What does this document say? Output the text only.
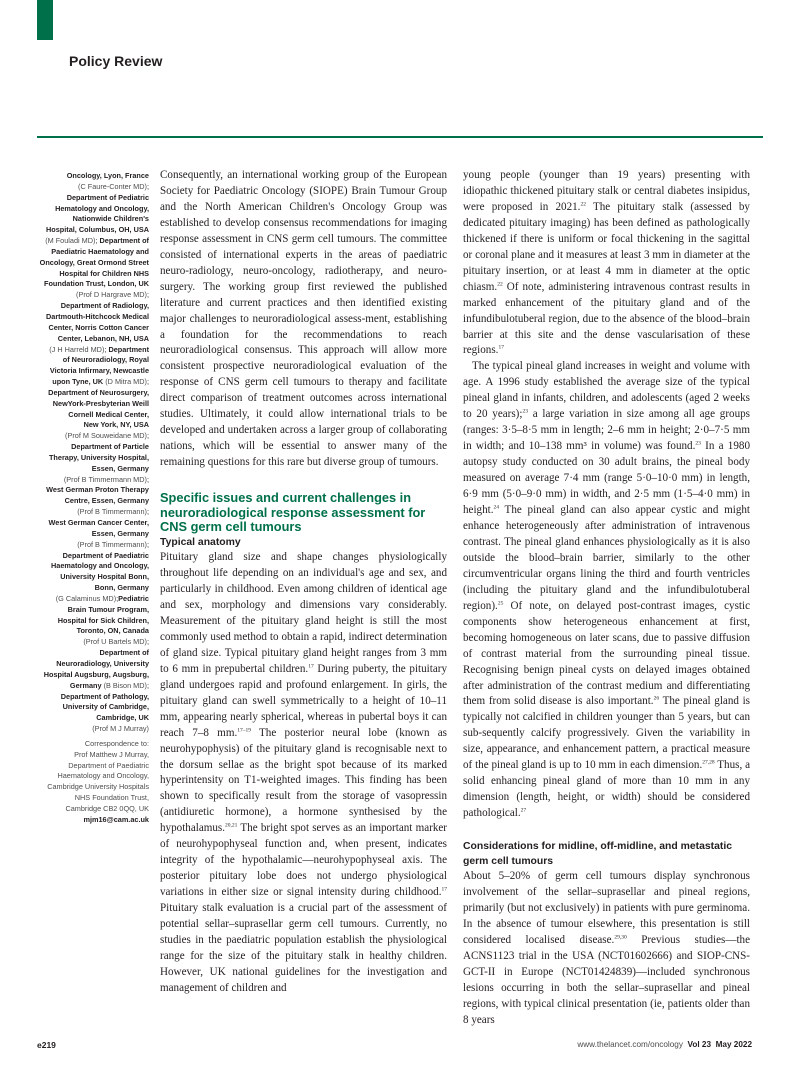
Policy Review
Oncology, Lyon, France
(C Faure-Conter MD);
Department of Pediatric
Hematology and Oncology,
Nationwide Children's
Hospital, Columbus, OH, USA
(M Fouladi MD); Department of
Paediatric Haematology and
Oncology, Great Ormond Street
Hospital for Children NHS
Foundation Trust, London, UK
(Prof D Hargrave MD);
Department of Radiology,
Dartmouth-Hitchcock Medical
Center, Norris Cotton Cancer
Center, Lebanon, NH, USA
(J H Harreld MD); Department
of Neuroradiology, Royal
Victoria Infirmary, Newcastle
upon Tyne, UK (D Mitra MD);
Department of Neurosurgery,
NewYork-Presbyterian Weill
Cornell Medical Center,
New York, NY, USA
(Prof M Souweidane MD);
Department of Particle
Therapy, University Hospital,
Essen, Germany
(Prof B Timmermann MD);
West German Proton Therapy
Centre, Essen, Germany
(Prof B Timmermann);
West German Cancer Center,
Essen, Germany
(Prof B Timmermann);
Department of Paediatric
Haematology and Oncology,
University Hospital Bonn,
Bonn, Germany
(G Calaminus MD);Pediatric
Brain Tumour Program,
Hospital for Sick Children,
Toronto, ON, Canada
(Prof U Bartels MD);
Department of
Neuroradiology, University
Hospital Augsburg, Augsburg,
Germany (B Bison MD);
Department of Pathology,
University of Cambridge,
Cambridge, UK
(Prof M J Murray)
Correspondence to:
Prof Matthew J Murray,
Department of Paediatric
Haematology and Oncology,
Cambridge University Hospitals
NHS Foundation Trust,
Cambridge CB2 0QQ, UK
mjm16@cam.ac.uk

Consequently, an international working group of the European Society for Paediatric Oncology (SIOPE) Brain Tumour Group and the North American Children's Oncology Group was established to develop consensus recommendations for imaging response assessment in CNS germ cell tumours. The committee consisted of international experts in the areas of paediatric neuro-radiology, neuro-oncology, radiotherapy, and neuro-surgery. The working group first reviewed the published literature and current practices and then identified existing major challenges to neuroradiological assess-ment, establishing a foundation for the recommendations to reach neuroradiological consensus. This approach will allow more consistent prospective neuroradiological evaluation of the response of CNS germ cell tumours to therapy and facilitate direct comparison of treatment outcomes across international studies. Ultimately, it could allow international trials to be developed and undertaken across a larger group of collaborating nations, which will be essential to answer many of the remaining questions for this rare but diverse group of tumours.

Specific issues and current challenges in neuroradiological response assessment for CNS germ cell tumours
Typical anatomy

Pituitary gland size and shape changes physiologically throughout life depending on an individual's age and sex, and particularly in childhood. Even among children of identical age and sex, morphology and dimensions vary considerably. Measurement of the pituitary gland height is still the most commonly used method to obtain a rapid, indirect determination of gland size. Typical pituitary gland height ranges from 3 mm to 6 mm in prepubertal children.$^{17}$ During puberty, the pituitary gland undergoes rapid and profound enlargement. In girls, the pituitary gland can swell symmetrically to a height of 10–11 mm, appearing nearly spherical, whereas in pubertal boys it can reach 7–8 mm.$^{17-19}$ The posterior neural lobe (known as neurohypophysis) of the pituitary gland is recognisable next to the dorsum sellae as the bright spot because of its marked hyperintensity on T1-weighted images. This finding has been shown to specifically result from the storage of vasopressin (antidiuretic hormone), a hormone synthesised by the hypothalamus.$^{20,21}$ The bright spot serves as an important marker of neurohypophyseal function and, when present, indicates integrity of the hypothalamic—neurohypophyseal axis. The posterior pituitary lobe does not undergo physiological variations in either size or signal intensity during childhood.$^{17}$ Pituitary stalk evaluation is a crucial part of the assessment of potential sellar–suprasellar germ cell tumours. Currently, no studies in the paediatric population establish the physiological range for the size of the pituitary stalk in healthy children. However, UK national guidelines for the investigation and management of children and

young people (younger than 19 years) presenting with idiopathic thickened pituitary stalk or central diabetes insipidus, were proposed in 2021.22 The pituitary stalk (assessed by dedicated pituitary imaging) has been defined as pathologically thickened if there is uniform or focal thickening in the sagittal or coronal plane and it measures at least 3 mm in diameter at the pituitary insertion, or at least 4 mm in diameter at the optic chiasm.$^{22}$ Of note, administering intravenous contrast results in marked enhancement of the pituitary gland and of the infundibulotuberal region, due to the absence of the blood–brain barrier at this site and the dense vascularisation of these regions.$^{17}$

The typical pineal gland increases in weight and volume with age. A 1996 study established the average size of the typical pineal gland in infants, children, and adolescents (aged 2 weeks to 20 years);$^{23}$ a large variation in size among all age groups (ranges: 3·5–8·5 mm in length; 2–6 mm in height; 2·0–7·5 mm in width; and 10–138 mm³ in volume) was found.$^{23}$ In a 1980 autopsy study conducted on 30 adult brains, the pineal body measured on average 7·4 mm (range 5·0–10·0 mm) in length, 6·9 mm (5·0–9·0 mm) in width, and 2·5 mm (1·5–4·0 mm) in height.$^{24}$ The pineal gland can also appear cystic and might enhance heterogeneously after administration of intravenous contrast. The pineal gland enhances physiologically as it is also outside the blood–brain barrier, similarly to the other circumventricular organs lining the third and fourth ventricles (including the pituitary gland and the infundibulotuberal region).$^{25}$ Of note, on delayed post-contrast images, cystic components show heterogeneous enhancement at first, becoming homogeneous on later scans, due to passive diffusion of contrast material from the surrounding pineal tissue. Recognising benign pineal cysts on delayed images obtained after administration of the contrast medium and differentiating them from solid disease is also important.$^{26}$ The pineal gland is typically not calcified in children younger than 5 years, but can sub-sequently calcify progressively. Given the variability in size, appearance, and enhancement pattern, a practical measure of the pineal gland is up to 10 mm in each dimension.$^{27,28}$ Thus, a solid enhancing pineal gland of more than 10 mm in any dimension (length, height, or width) should be considered pathological.$^{27}$

Considerations for midline, off-midline, and metastatic germ cell tumours

About 5–20% of germ cell tumours display synchronous involvement of the sellar–suprasellar and pineal regions, primarily (but not exclusively) in patients with pure germinoma. In the absence of tumour elsewhere, this presentation is still considered localised disease.$^{29,30}$ Previous studies—the ACNS1123 trial in the USA (NCT01602666) and SIOP-CNS-GCT-II in Europe (NCT01424839)—included synchronous lesions occurring in both the sellar–suprasellar and pineal regions, with typical clinical presentation (ie, patients older than 8 years

e219	www.thelancet.com/oncology Vol 23 May 2022
